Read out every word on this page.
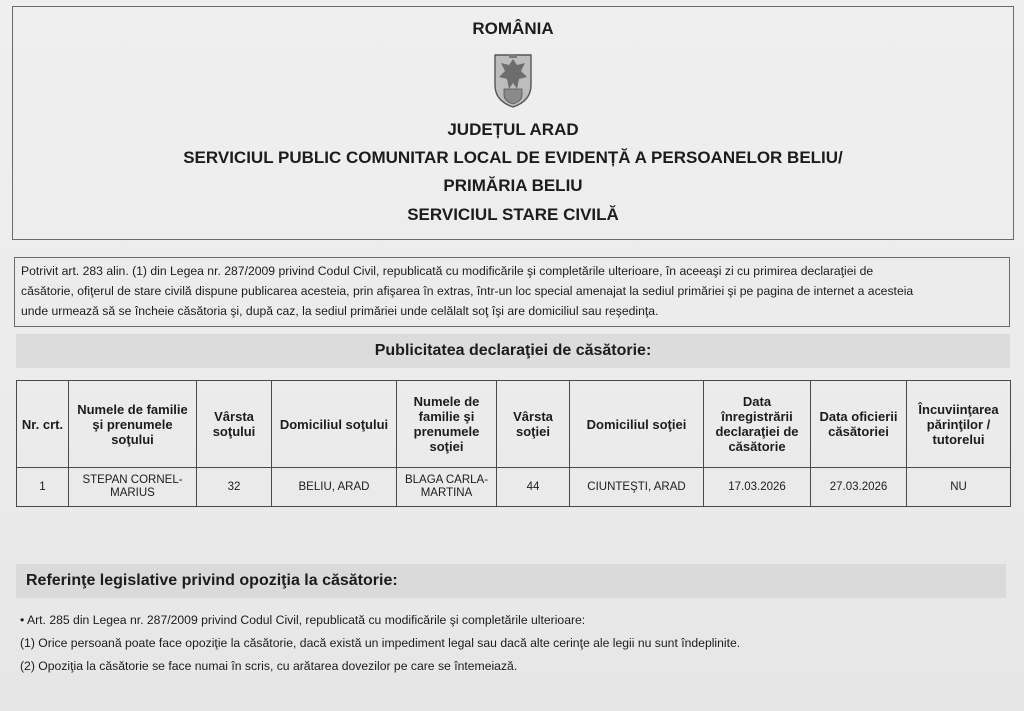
ROMÂNIA
JUDEȚUL ARAD
SERVICIUL PUBLIC COMUNITAR LOCAL DE EVIDENȚĂ A PERSOANELOR BELIU/
PRIMĂRIA BELIU
SERVICIUL STARE CIVILĂ
Potrivit art. 283 alin. (1) din Legea nr. 287/2009 privind Codul Civil, republicată cu modificările şi completările ulterioare, în aceeaşi zi cu primirea declaraţiei de
căsătorie, ofiţerul de stare civilă dispune publicarea acesteia, prin afişarea în extras, într-un loc special amenajat la sediul primăriei şi pe pagina de internet a acesteia
unde urmează să se încheie căsătoria şi, după caz, la sediul primăriei unde celălalt soţ îşi are domiciliul sau reşedinţa.
Publicitatea declaraţiei de căsătorie:
Nr. crt.	Numele de familie şi prenumele soţului	Vârsta soţului	Domiciliul soţului	Numele de familie şi prenumele soţiei	Vârsta soţiei	Domiciliul soţiei	Data înregistrării declaraţiei de căsătorie	Data oficierii căsătoriei	Încuviinţarea părinţilor / tutorelui
1	STEPAN CORNEL-MARIUS	32	BELIU, ARAD	BLAGA CARLA-MARTINA	44	CIUNTEŞTI, ARAD	17.03.2026	27.03.2026	NU
Referinţe legislative privind opoziţia la căsătorie:
• Art. 285 din Legea nr. 287/2009 privind Codul Civil, republicată cu modificările şi completările ulterioare:
(1) Orice persoană poate face opoziţie la căsătorie, dacă există un impediment legal sau dacă alte cerinţe ale legii nu sunt îndeplinite.
(2) Opoziţia la căsătorie se face numai în scris, cu arătarea dovezilor pe care se întemeiază.
